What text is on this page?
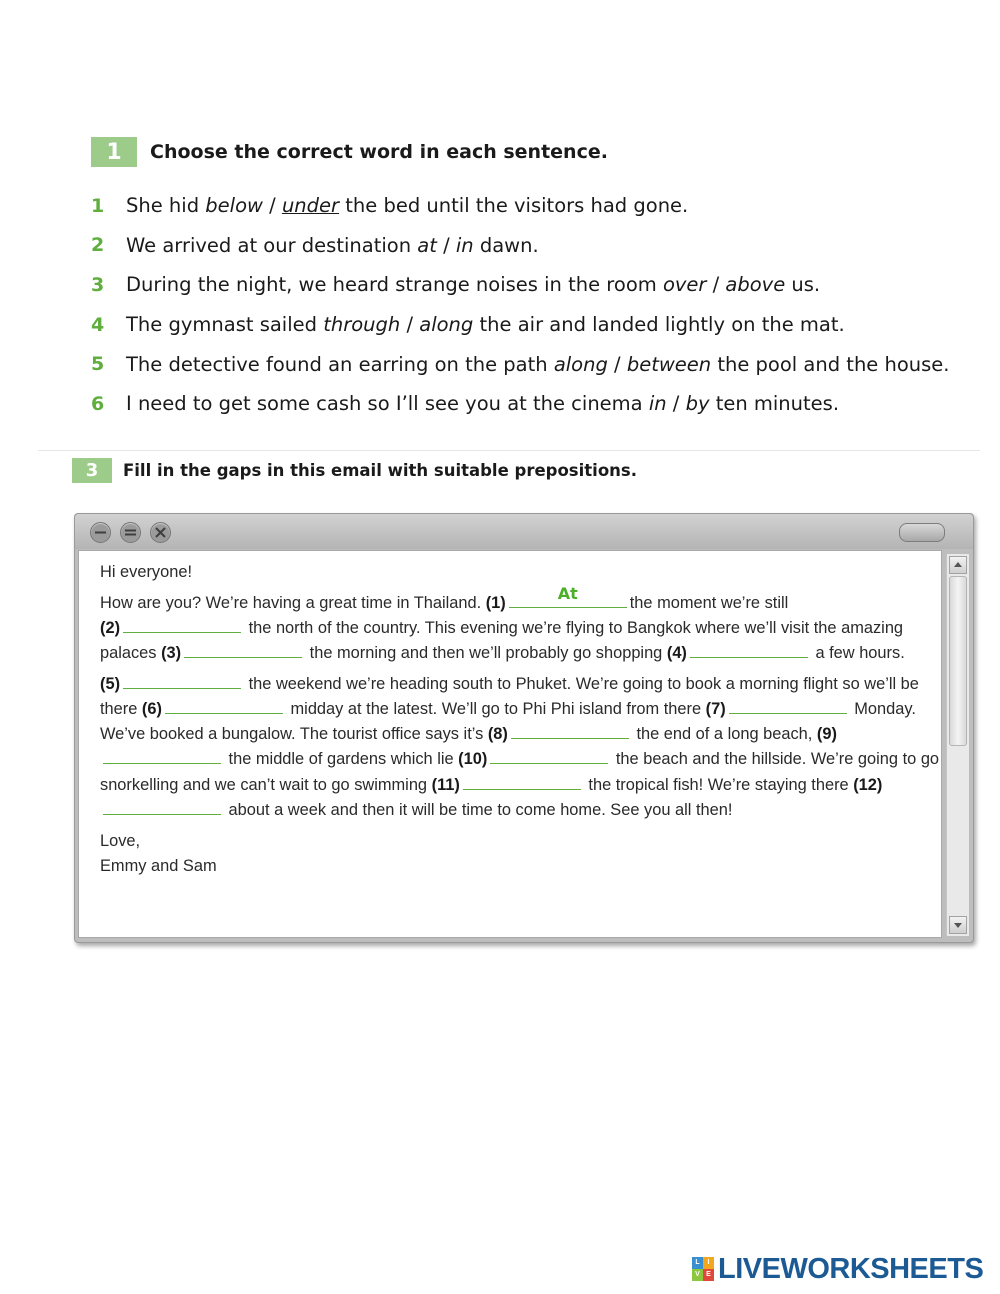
1	Choose the correct word in each sentence.
1	She hid below / under the bed until the visitors had gone.
2	We arrived at our destination at / in dawn.
3	During the night, we heard strange noises in the room over / above us.
4	The gymnast sailed through / along the air and landed lightly on the mat.
5	The detective found an earring on the path along / between the pool and the house.
6	I need to get some cash so I’ll see you at the cinema in / by ten minutes.
3	Fill in the gaps in this email with suitable prepositions.

Hi everyone!

How are you? We’re having a great time in Thailand. (1)
At
the moment we’re still
(2)	the north of the country. This evening we’re flying to Bangkok where we’ll visit the amazing palaces (3)	the morning and then we’ll probably go shopping (4)	a few hours.

(5)	the weekend we’re heading south to Phuket. We’re going to book a morning flight so we’ll be there (6)	midday at the latest. We’ll go to Phi Phi island from there (7)	Monday. We’ve booked a bungalow. The tourist office says it’s (8)	the end of a long beach, (9) the middle of gardens which lie (10)	the beach and the hillside. We’re going to go snorkelling and we can’t wait to go swimming (11)	the tropical fish! We’re staying there (12) about a week and then it will be time to come home. See you all then!

Love,
Emmy and Sam

L	I
V E LIVEWORKSHEETS
